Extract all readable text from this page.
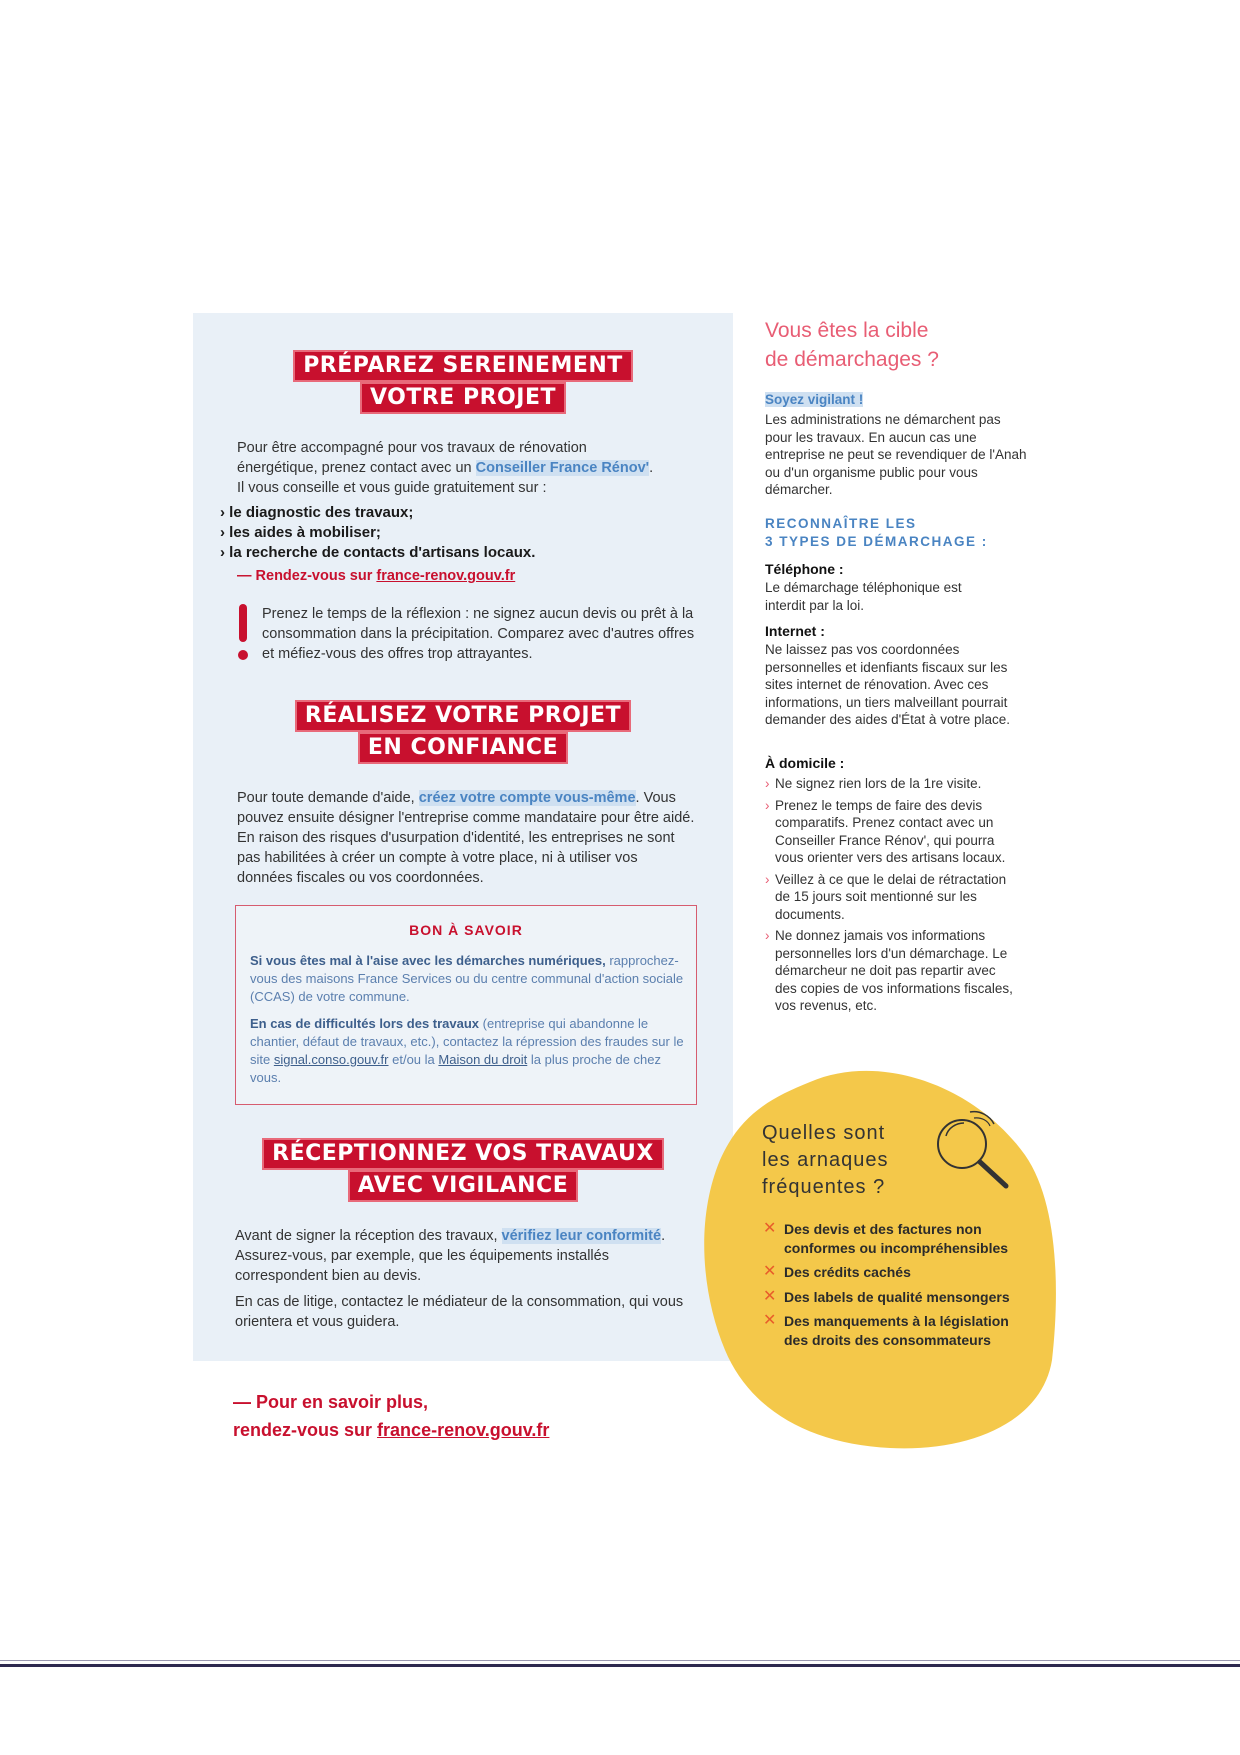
PRÉPAREZ SEREINEMENT
VOTRE PROJET
Pour être accompagné pour vos travaux de rénovation
énergétique, prenez contact avec un Conseiller France Rénov'.
Il vous conseille et vous guide gratuitement sur :
› le diagnostic des travaux;
› les aides à mobiliser;
› la recherche de contacts d'artisans locaux.
— Rendez-vous sur france-renov.gouv.fr
Prenez le temps de la réflexion : ne signez aucun devis ou prêt à la consommation dans la précipitation. Comparez avec d'autres offres et méfiez-vous des offres trop attrayantes.
RÉALISEZ VOTRE PROJET
EN CONFIANCE
Pour toute demande d'aide, créez votre compte vous-même. Vous pouvez ensuite désigner l'entreprise comme mandataire pour être aidé. En raison des risques d'usurpation d'identité, les entreprises ne sont pas habilitées à créer un compte à votre place, ni à utiliser vos données fiscales ou vos coordonnées.
BON À SAVOIR
Si vous êtes mal à l'aise avec les démarches numériques, rapprochez-vous des maisons France Services ou du centre communal d'action sociale (CCAS) de votre commune.
En cas de difficultés lors des travaux (entreprise qui abandonne le chantier, défaut de travaux, etc.), contactez la répression des fraudes sur le site signal.conso.gouv.fr et/ou la Maison du droit la plus proche de chez vous.
RÉCEPTIONNEZ VOS TRAVAUX
AVEC VIGILANCE
Avant de signer la réception des travaux, vérifiez leur conformité. Assurez-vous, par exemple, que les équipements installés correspondent bien au devis.
En cas de litige, contactez le médiateur de la consommation, qui vous orientera et vous guidera.
— Pour en savoir plus,
rendez-vous sur france-renov.gouv.fr
Vous êtes la cible
de démarchages ?
Soyez vigilant !
Les administrations ne démarchent pas pour les travaux. En aucun cas une entreprise ne peut se revendiquer de l'Anah ou d'un organisme public pour vous démarcher.
RECONNAÎTRE LES
3 TYPES DE DÉMARCHAGE :
Téléphone :
Le démarchage téléphonique est interdit par la loi.
Internet :
Ne laissez pas vos coordonnées personnelles et idenfiants fiscaux sur les sites internet de rénovation. Avec ces informations, un tiers malveillant pourrait demander des aides d'État à votre place.
À domicile :
› Ne signez rien lors de la 1re visite.
› Prenez le temps de faire des devis comparatifs. Prenez contact avec un Conseiller France Rénov', qui pourra vous orienter vers des artisans locaux.
› Veillez à ce que le delai de rétractation de 15 jours soit mentionné sur les documents.
› Ne donnez jamais vos informations personnelles lors d'un démarchage. Le démarcheur ne doit pas repartir avec des copies de vos informations fiscales, vos revenus, etc.
Quelles sont
les arnaques
fréquentes ?
✕ Des devis et des factures non conformes ou incompréhensibles
✕ Des crédits cachés
✕ Des labels de qualité mensongers
✕ Des manquements à la législation des droits des consommateurs
